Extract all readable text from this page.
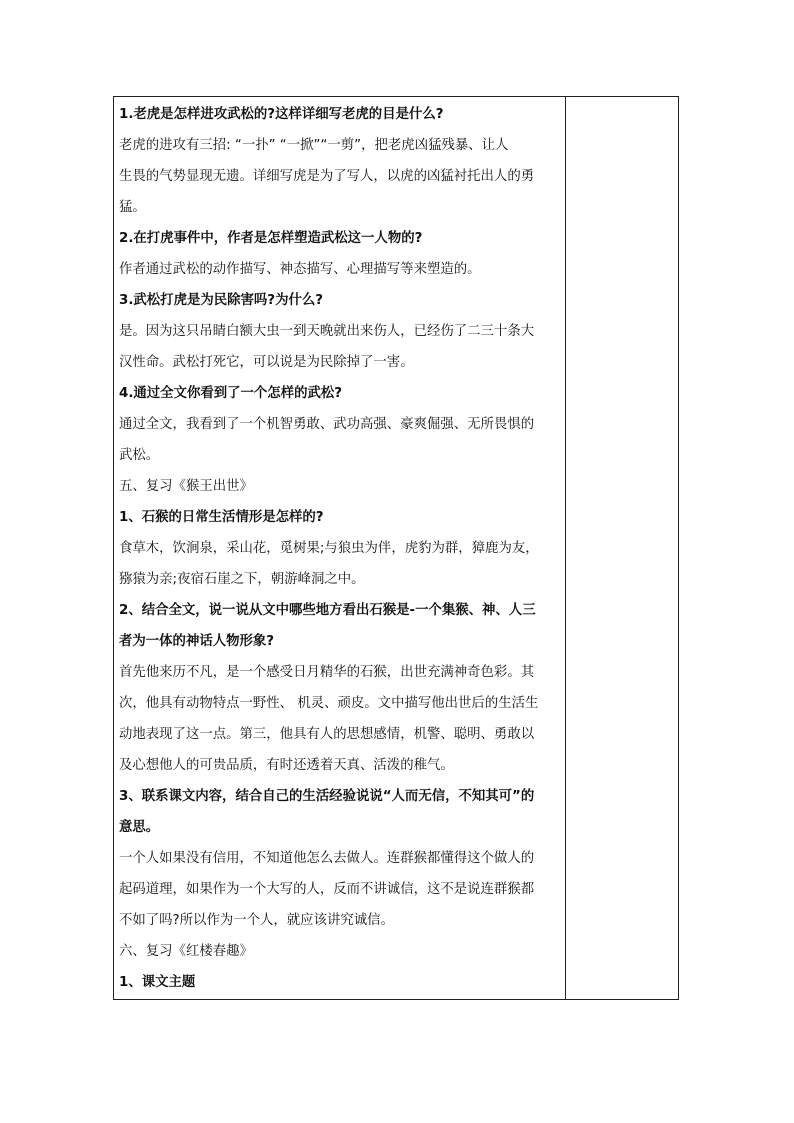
1.老虎是怎样进攻武松的?这样详细写老虎的目是什么?
老虎的进攻有三招: “一扑” “一掀”“一剪”，把老虎凶猛残暴、让人
生畏的气势显现无遗。详细写虎是为了写人，以虎的凶猛衬托出人的勇
猛。
2.在打虎事件中，作者是怎样塑造武松这一人物的?
作者通过武松的动作描写、神态描写、心理描写等来塑造的。
3.武松打虎是为民除害吗?为什么?
是。因为这只吊睛白额大虫一到天晚就出来伤人，已经伤了二三十条大
汉性命。武松打死它，可以说是为民除掉了一害。
4.通过全文你看到了一个怎样的武松?
通过全文，我看到了一个机智勇敢、武功高强、豪爽倔强、无所畏惧的
武松。
五、复习《猴王出世》
1、石猴的日常生活情形是怎样的?
食草木，饮涧泉，采山花，觅树果;与狼虫为伴，虎豹为群，獐鹿为友，
猕猿为亲;夜宿石崖之下，朝游峰洞之中。
2、结合全文，说一说从文中哪些地方看出石猴是-一个集猴、神、人三
者为一体的神话人物形象?
首先他来历不凡，是一个感受日月精华的石猴，出世充满神奇色彩。其
次，他具有动物特点一野性、 机灵、顽皮。文中描写他出世后的生活生
动地表现了这一点。第三，他具有人的思想感情，机警、聪明、勇敢以
及心想他人的可贵品质，有时还透着天真、活泼的稚气。
3、联系课文内容，结合自己的生活经验说说“人而无信，不知其可”的
意思。
一个人如果没有信用，不知道他怎么去做人。连群猴都懂得这个做人的
起码道理，如果作为一个大写的人，反而不讲诚信，这不是说连群猴都
不如了吗?所以作为一个人，就应该讲究诚信。
六、复习《红楼春趣》
1、课文主题
